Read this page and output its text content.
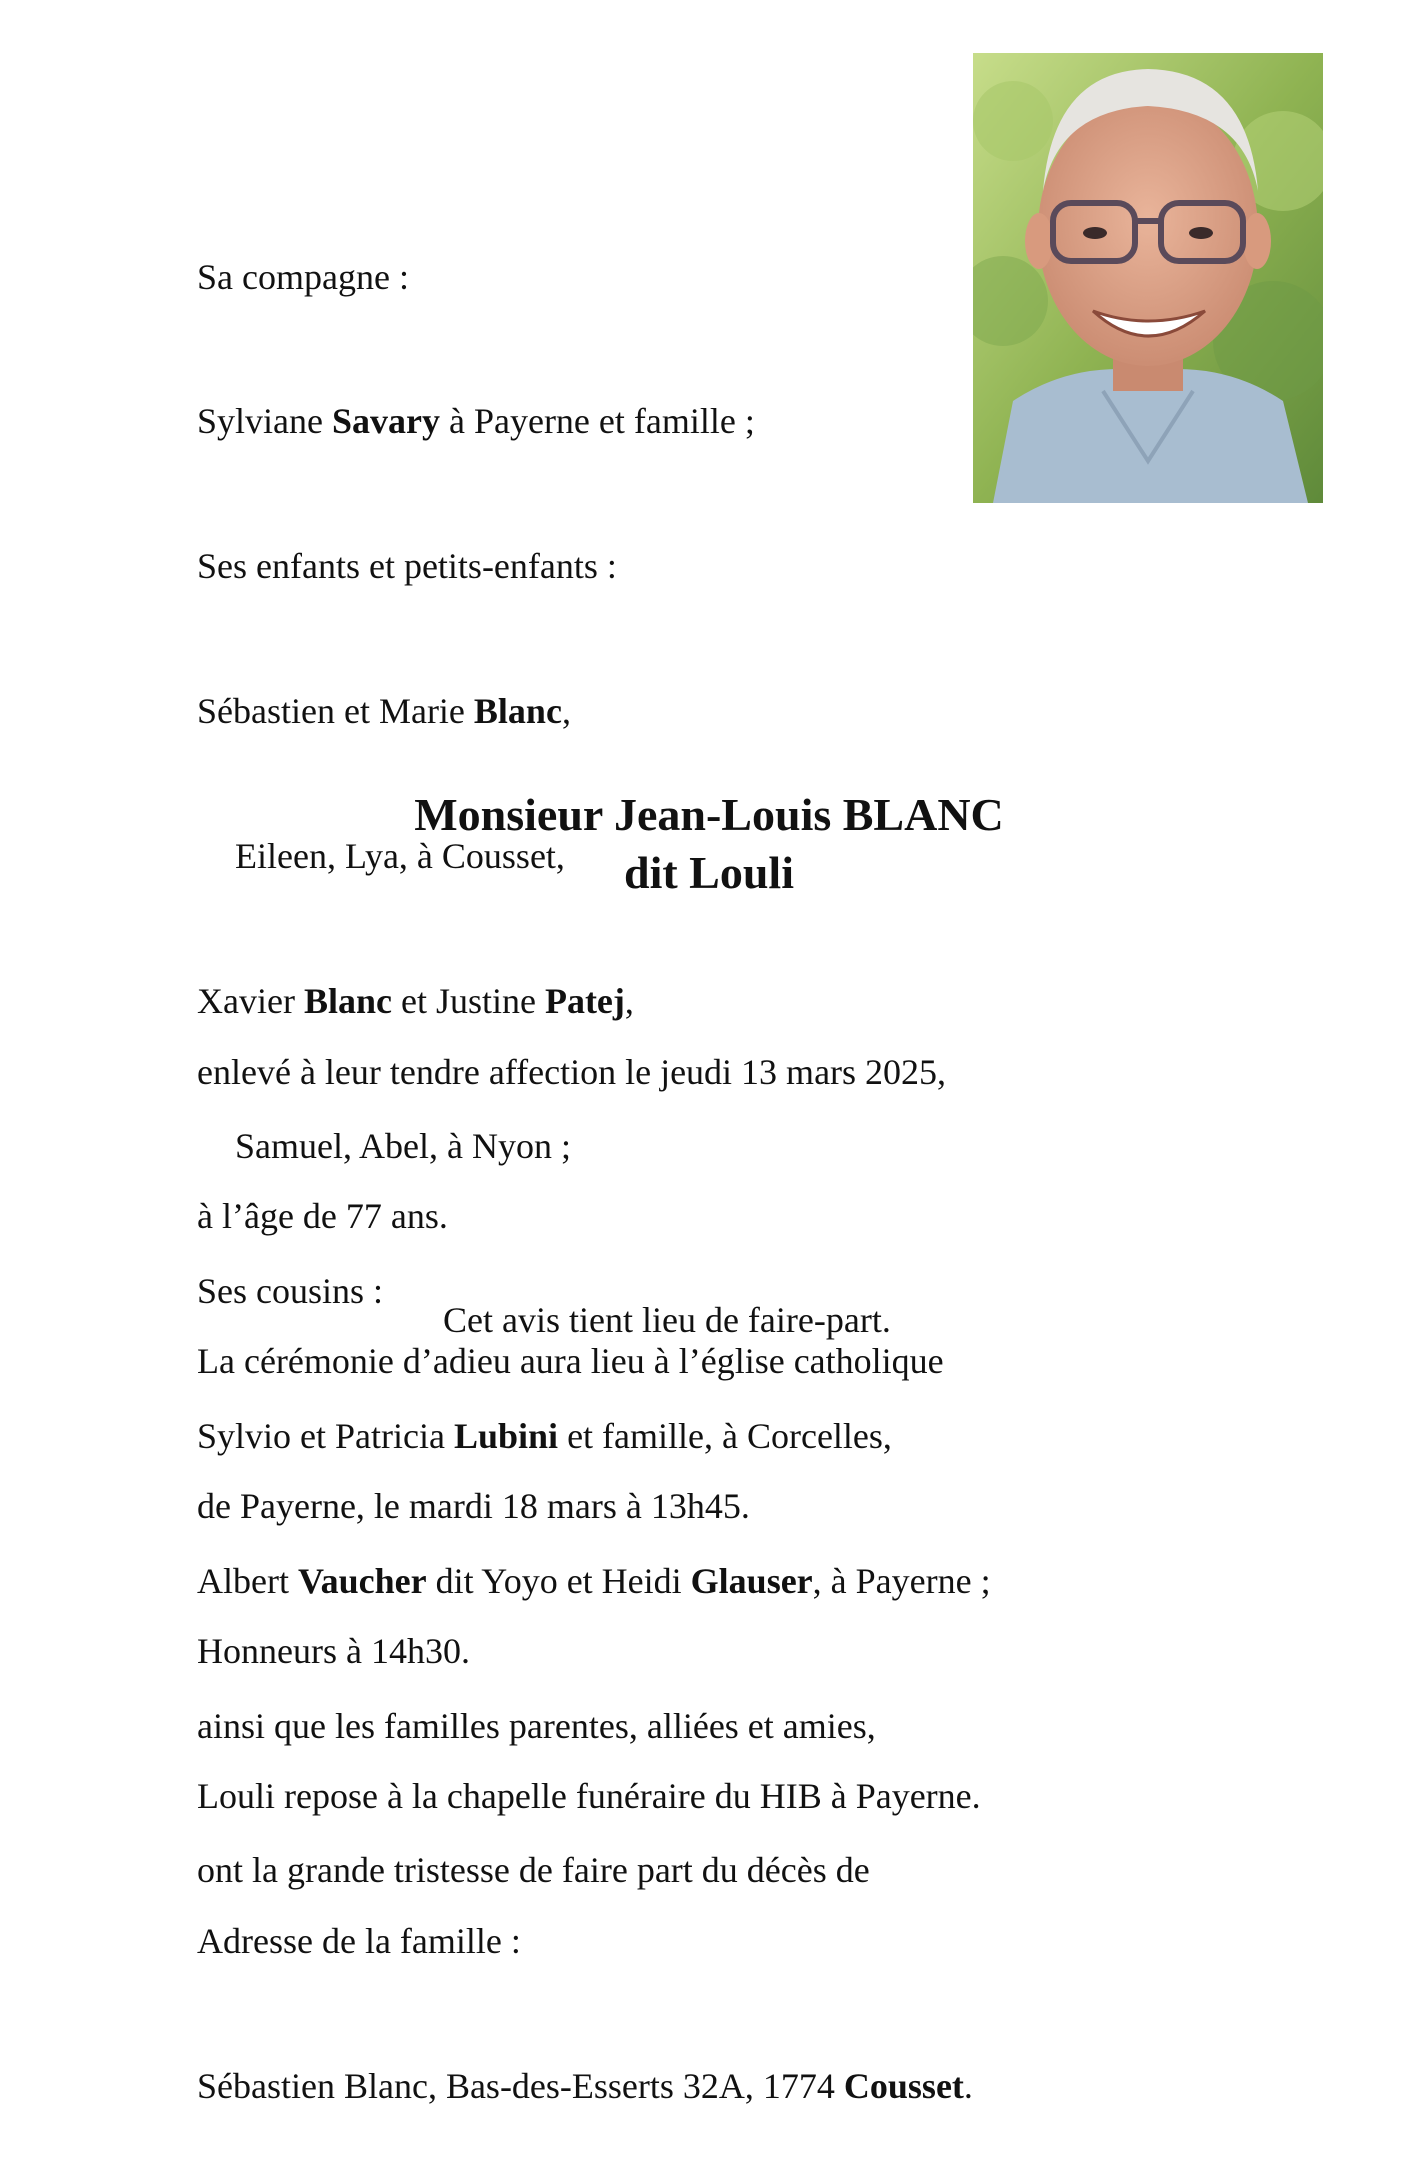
Sa compagne :

Sylviane Savary à Payerne et famille ;

Ses enfants et petits-enfants :

Sébastien et Marie Blanc,

Eileen, Lya, à Cousset,

Xavier Blanc et Justine Patej,

Samuel, Abel, à Nyon ;

Ses cousins :

Sylvio et Patricia Lubini et famille, à Corcelles,

Albert Vaucher dit Yoyo et Heidi Glauser, à Payerne ;

ainsi que les familles parentes, alliées et amies,

ont la grande tristesse de faire part du décès de

Monsieur Jean-Louis BLANC
dit Louli

enlevé à leur tendre affection le jeudi 13 mars 2025,

à l’âge de 77 ans.

La cérémonie d’adieu aura lieu à l’église catholique

de Payerne, le mardi 18 mars à 13h45.

Honneurs à 14h30.

Louli repose à la chapelle funéraire du HIB à Payerne.

Adresse de la famille :

Sébastien Blanc, Bas-des-Esserts 32A, 1774 Cousset.

Cet avis tient lieu de faire-part.
